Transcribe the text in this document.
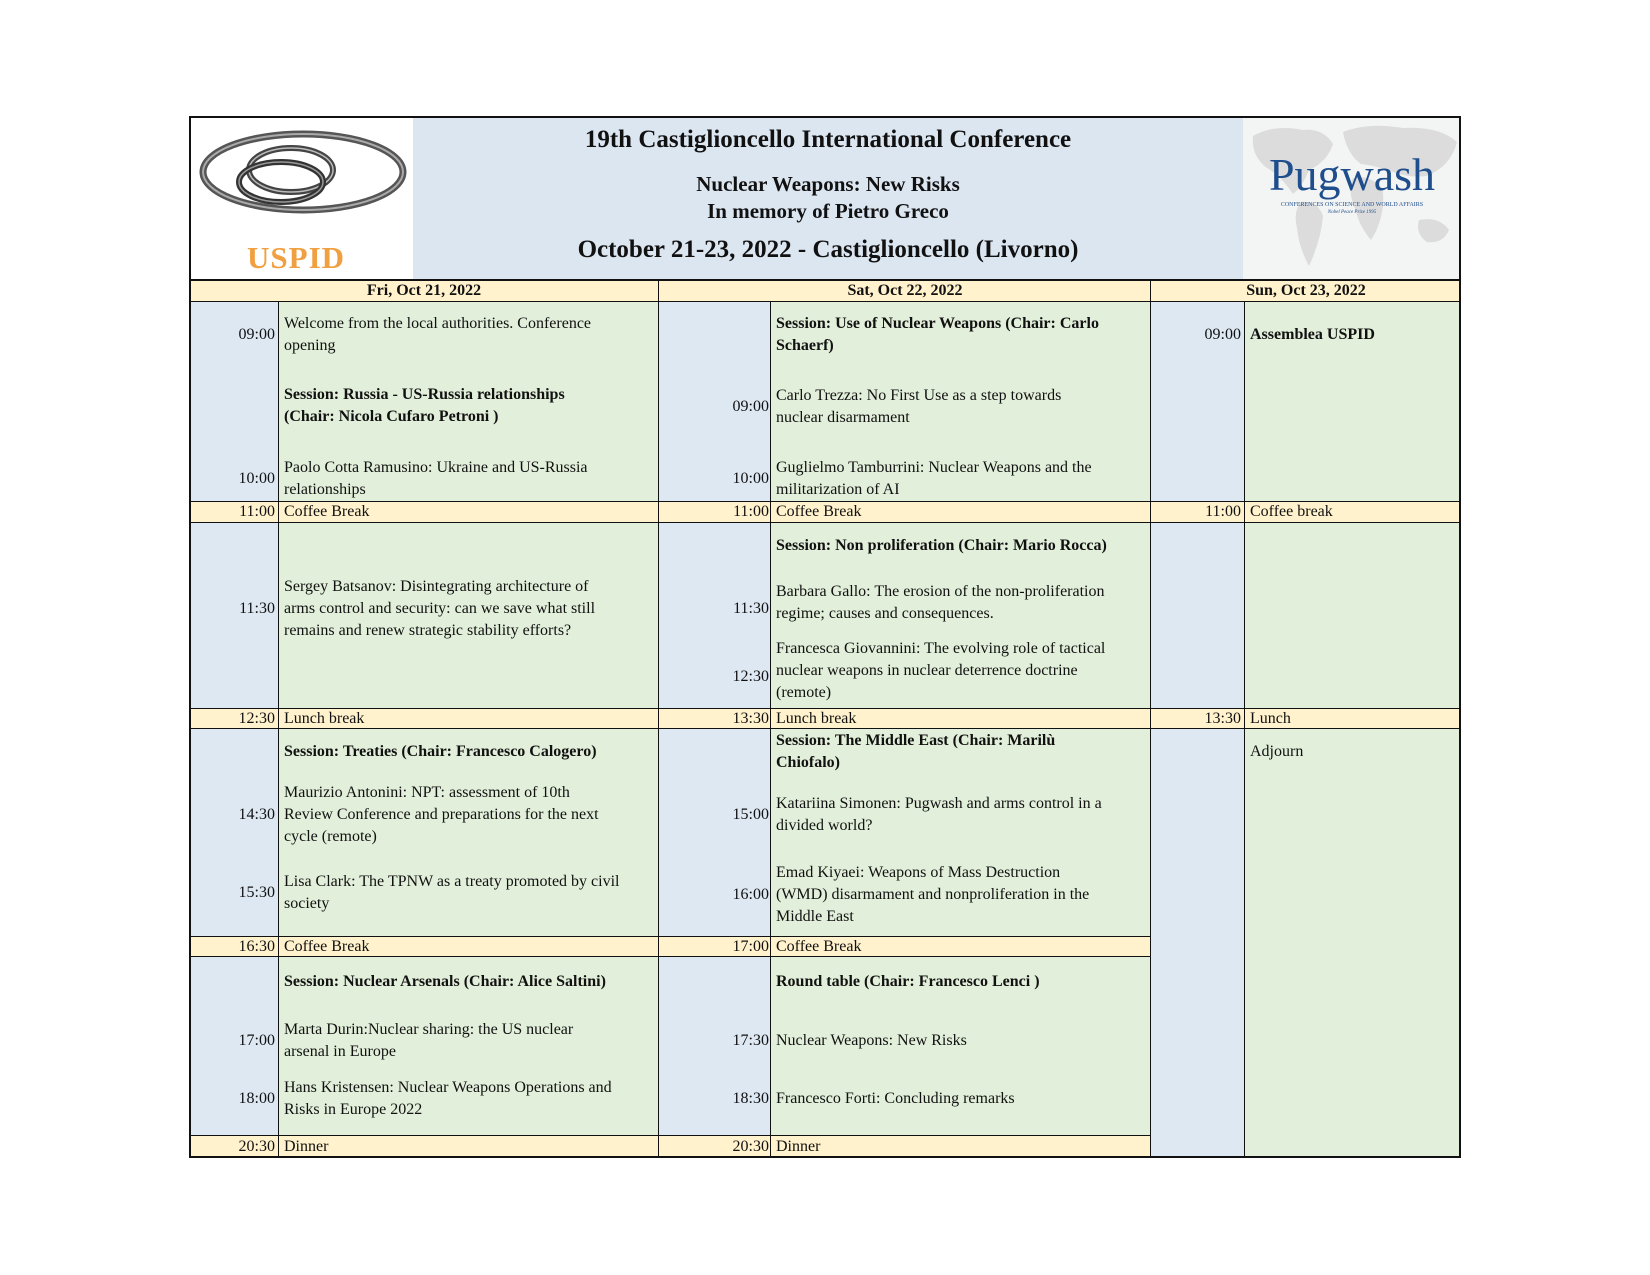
USPID
Pugwash
CONFERENCES ON SCIENCE AND WORLD AFFAIRS
Nobel Peace Prize 1995
19th Castiglioncello International Conference
Nuclear Weapons: New Risks
In memory of Pietro Greco
October 21-23, 2022 - Castiglioncello (Livorno)
Fri, Oct 21, 2022	Sat, Oct 22, 2022	Sun, Oct 23, 2022
09:00
Welcome from the local authorities. Conference
opening
Session: Russia - US-Russia relationships
(Chair: Nicola Cufaro Petroni )
10:00
Paolo Cotta Ramusino: Ukraine and US-Russia
relationships
11:00 Coffee Break
11:30
Sergey Batsanov: Disintegrating architecture of
arms control and security: can we save what still
remains and renew strategic stability efforts?
12:30 Lunch break
Session: Treaties (Chair: Francesco Calogero)
14:30
Maurizio Antonini: NPT: assessment of 10th
Review Conference and preparations for the next
cycle (remote)
15:30
Lisa Clark: The TPNW as a treaty promoted by civil
society
16:30 Coffee Break
Session: Nuclear Arsenals (Chair: Alice Saltini)
17:00
Marta Durin:Nuclear sharing: the US nuclear
arsenal in Europe
18:00
Hans Kristensen: Nuclear Weapons Operations and
Risks in Europe 2022
20:30 Dinner
Session: Use of Nuclear Weapons (Chair: Carlo
Schaerf)
09:00
Carlo Trezza: No First Use as a step towards
nuclear disarmament
10:00
Guglielmo Tamburrini: Nuclear Weapons and the
militarization of AI
11:00 Coffee Break
Session: Non proliferation (Chair: Mario Rocca)
11:30
Barbara Gallo: The erosion of the non-proliferation
regime; causes and consequences.
12:30
Francesca Giovannini: The evolving role of tactical
nuclear weapons in nuclear deterrence doctrine
(remote)
13:30 Lunch break
Session: The Middle East (Chair: Marilù
Chiofalo)
15:00
Katariina Simonen: Pugwash and arms control in a
divided world?
16:00
Emad Kiyaei: Weapons of Mass Destruction
(WMD) disarmament and nonproliferation in the
Middle East
17:00 Coffee Break
Round table (Chair: Francesco Lenci )
17:30 Nuclear Weapons: New Risks
18:30 Francesco Forti: Concluding remarks
20:30 Dinner
09:00 Assemblea USPID
11:00 Coffee break
13:30 Lunch
Adjourn
